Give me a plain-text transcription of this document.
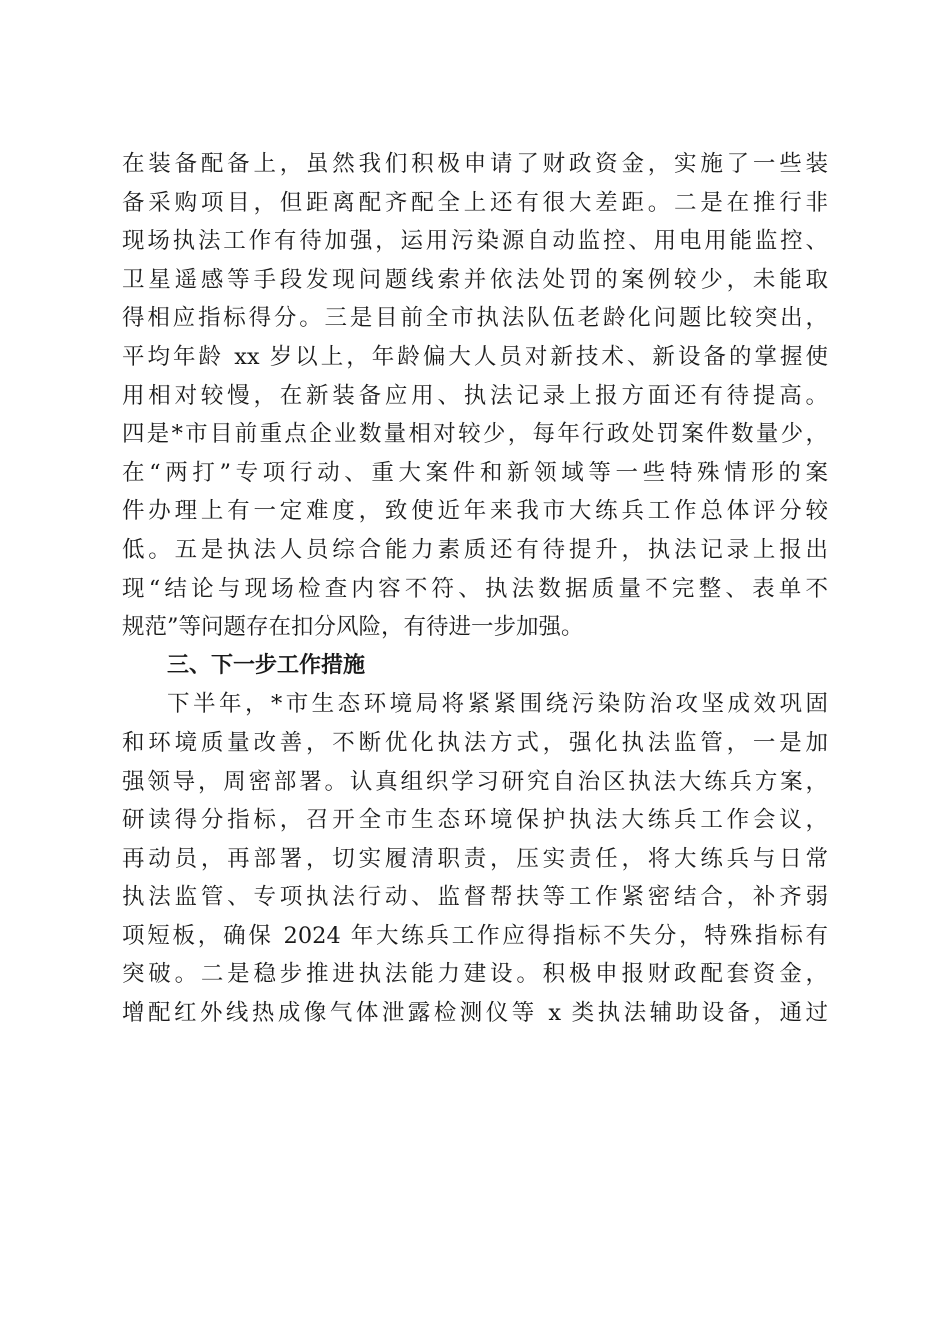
在装备配备上，虽然我们积极申请了财政资金，实施了一些装
备采购项目，但距离配齐配全上还有很大差距。二是在推行非
现场执法工作有待加强，运用污染源自动监控、用电用能监控、
卫星遥感等手段发现问题线索并依法处罚的案例较少，未能取
得相应指标得分。三是目前全市执法队伍老龄化问题比较突出，
平均年龄 xx 岁以上，年龄偏大人员对新技术、新设备的掌握使
用相对较慢，在新装备应用、执法记录上报方面还有待提高。
四是*市目前重点企业数量相对较少，每年行政处罚案件数量少，
在“两打”专项行动、重大案件和新领域等一些特殊情形的案
件办理上有一定难度，致使近年来我市大练兵工作总体评分较
低。五是执法人员综合能力素质还有待提升，执法记录上报出
现“结论与现场检查内容不符、执法数据质量不完整、表单不
规范”等问题存在扣分风险，有待进一步加强。
三、下一步工作措施
下半年，*市生态环境局将紧紧围绕污染防治攻坚成效巩固
和环境质量改善，不断优化执法方式，强化执法监管，一是加
强领导，周密部署。认真组织学习研究自治区执法大练兵方案，
研读得分指标，召开全市生态环境保护执法大练兵工作会议，
再动员，再部署，切实履清职责，压实责任，将大练兵与日常
执法监管、专项执法行动、监督帮扶等工作紧密结合，补齐弱
项短板，确保 2024 年大练兵工作应得指标不失分，特殊指标有
突破。二是稳步推进执法能力建设。积极申报财政配套资金，
增配红外线热成像气体泄露检测仪等 x 类执法辅助设备，通过
